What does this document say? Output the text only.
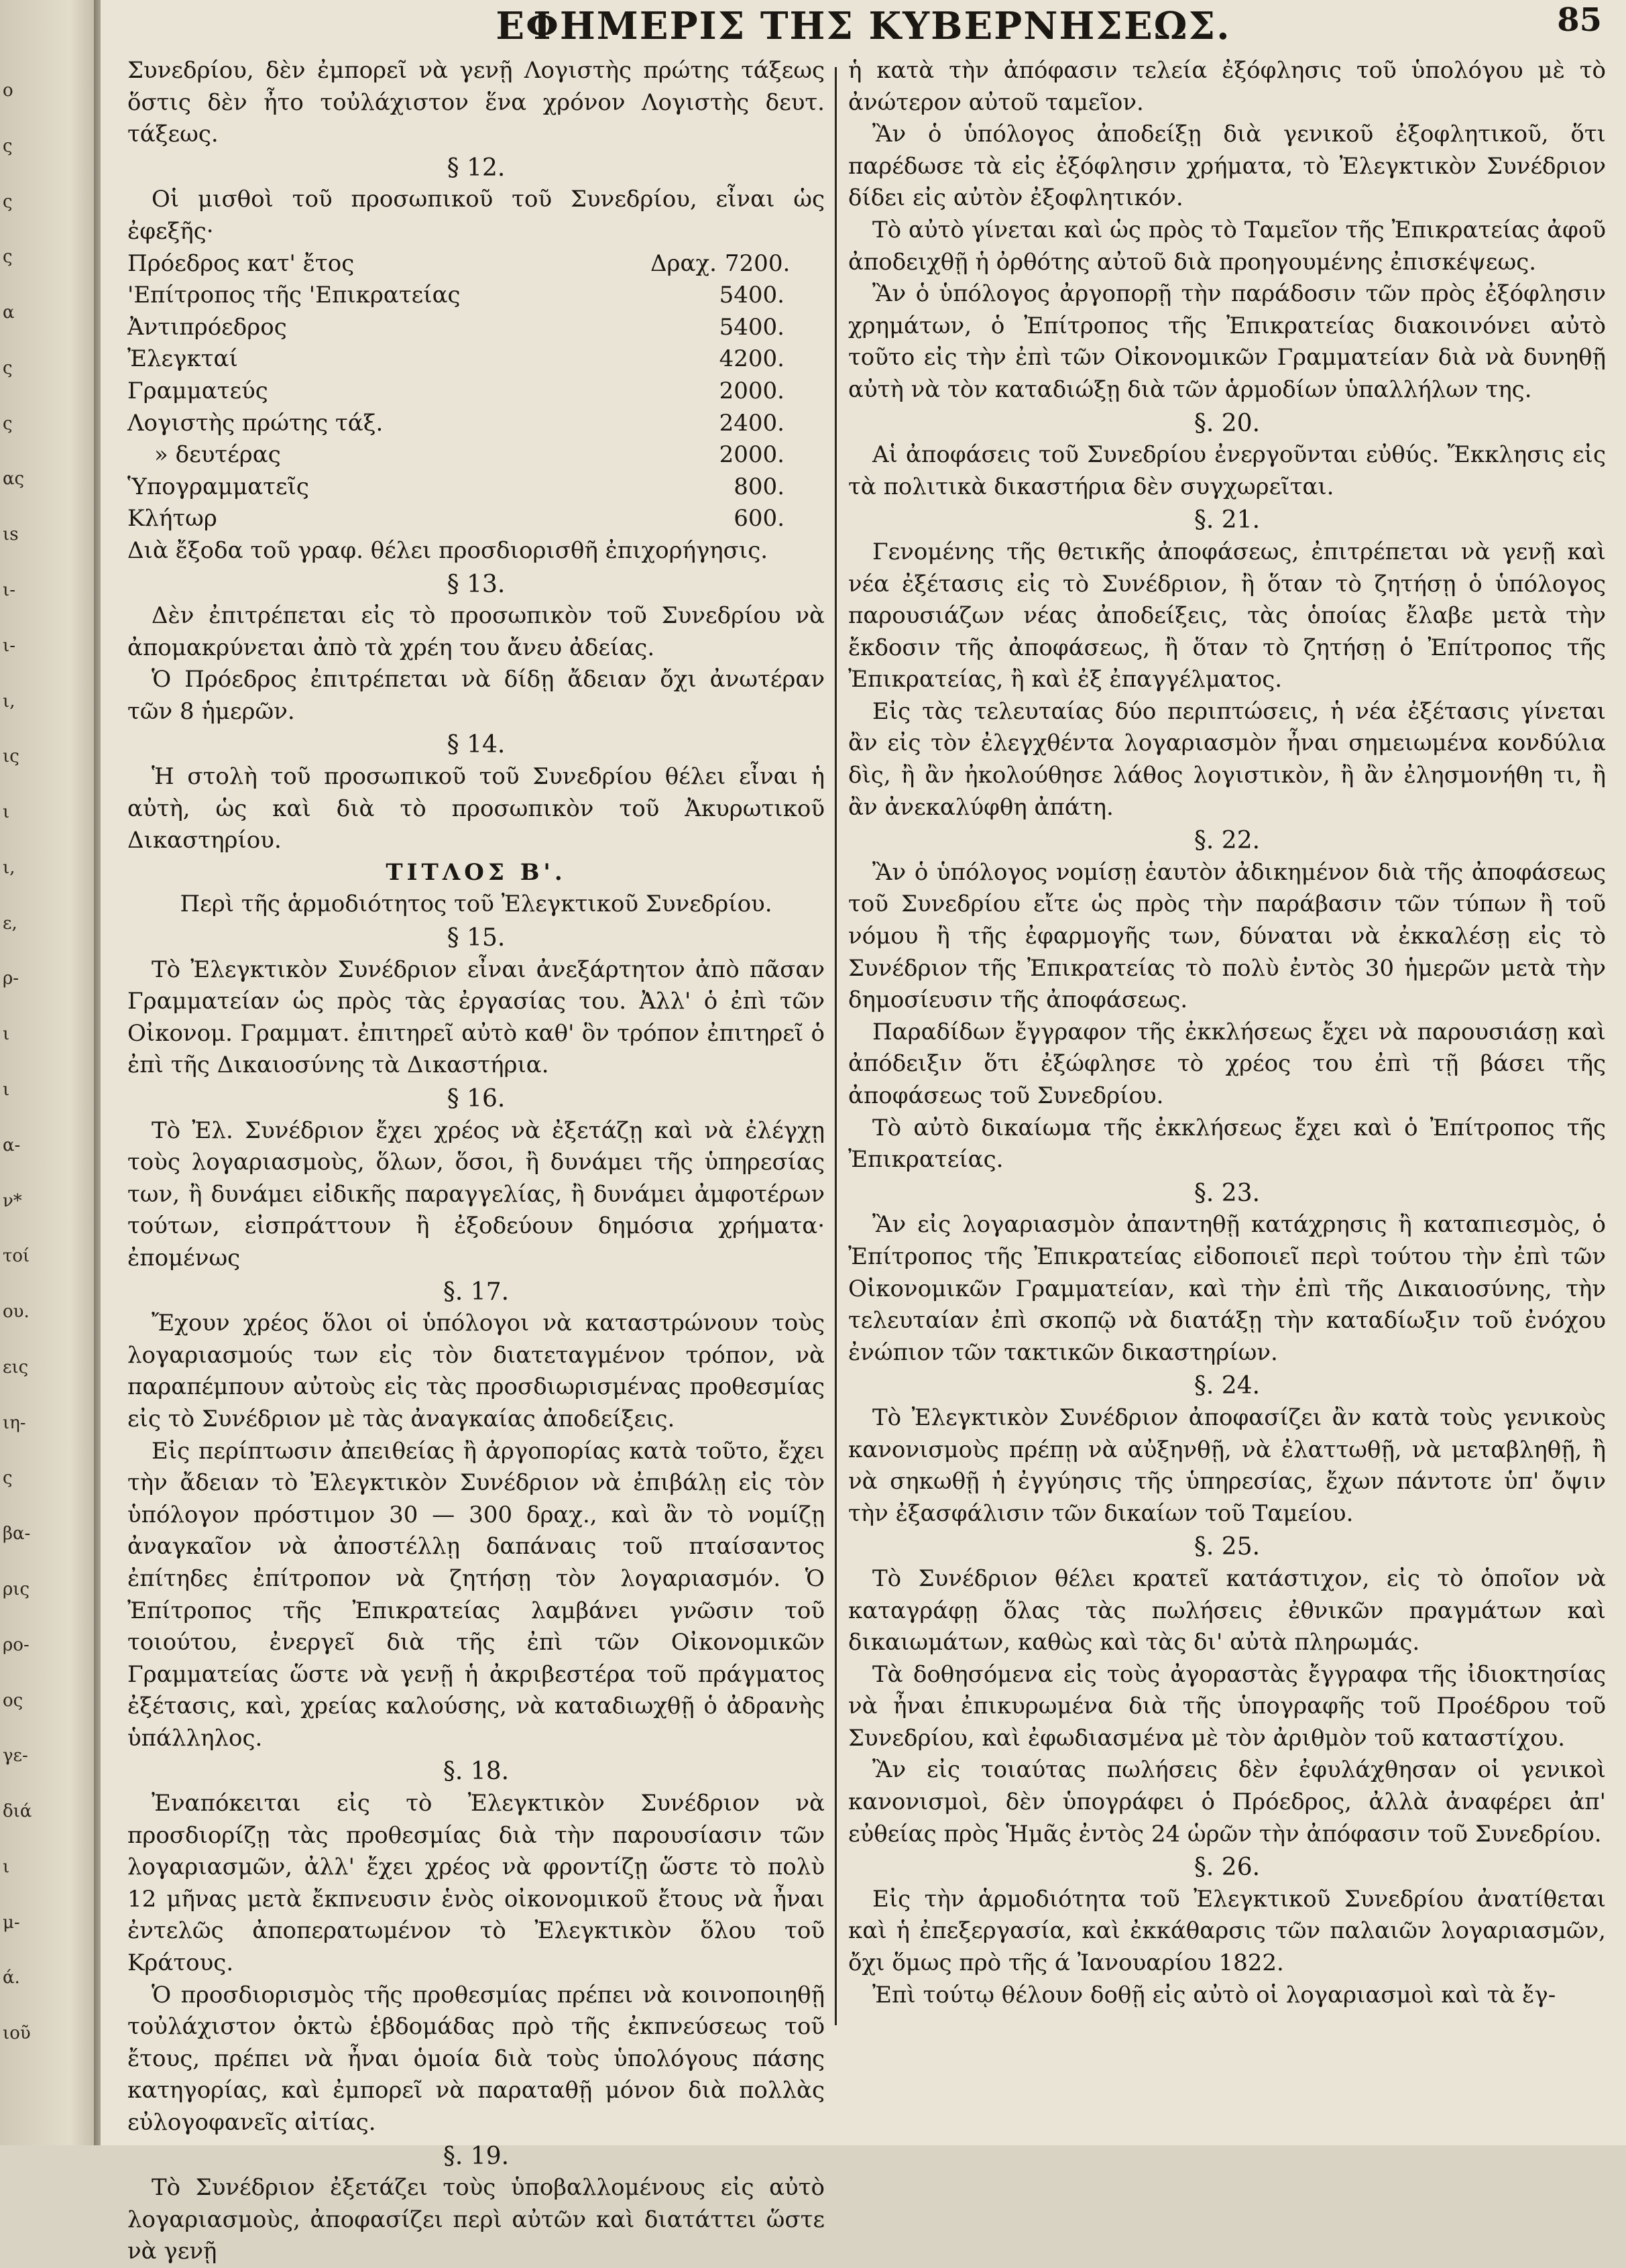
ο
ς
ς
ς
α
ς
ς
ας
ιs
ι-
ι-
ι,
ις
ι
ι,
ε,
ρ-
ι
ι
α-
ν*
τοί
ου.
εις
ιη-
ς
βα-
ρις
ρο-
ος
γε-
διά
ι
μ-
ά.
ιοῦ
ΕΦΗΜΕΡΙΣ ΤΗΣ ΚΥΒΕΡΝΗΣΕΩΣ.	85

Συνεδρίου, δὲν ἐμπορεῖ νὰ γενῇ Λογιστὴς πρώτης τάξεως ὅστις δὲν ἦτο τοὐλάχιστον ἕνα χρόνον Λογιστὴς δευτ. τάξεως.

§ 12.

Οἱ μισθοὶ τοῦ προσωπικοῦ τοῦ Συνεδρίου, εἶναι ὡς ἐφεξῆς·

Πρόεδρος κατ' ἔτος	Δραχ. 7200.
'Επίτροπος τῆς 'Επικρατείας	5400.
Ἀντιπρόεδρος	5400.
Ἐλεγκταί	4200.
Γραμματεύς	2000.
Λογιστὴς πρώτης τάξ.	2400.
» δευτέρας	2000.
Ὑπογραμματεῖς	800.
Κλήτωρ	600.

Διὰ ἔξοδα τοῦ γραφ. θέλει προσδιορισθῆ ἐπιχορήγησις.

§ 13.

Δὲν ἐπιτρέπεται εἰς τὸ προσωπικὸν τοῦ Συνεδρίου νὰ ἀπομακρύνεται ἀπὸ τὰ χρέη του ἄνευ ἀδείας.

Ὁ Πρόεδρος ἐπιτρέπεται νὰ δίδῃ ἄδειαν ὄχι ἀνωτέραν τῶν 8 ἡμερῶν.

§ 14.

Ἡ στολὴ τοῦ προσωπικοῦ τοῦ Συνεδρίου θέλει εἶναι ἡ αὐτὴ, ὡς καὶ διὰ τὸ προσωπικὸν τοῦ Ἀκυρωτικοῦ Δικαστηρίου.

ΤΙΤΛΟΣ Β'.
Περὶ τῆς ἁρμοδιότητος τοῦ Ἐλεγκτικοῦ Συνεδρίου.
§ 15.

Τὸ Ἐλεγκτικὸν Συνέδριον εἶναι ἀνεξάρτητον ἀπὸ πᾶσαν Γραμματείαν ὡς πρὸς τὰς ἐργασίας του. Ἀλλ' ὁ ἐπὶ τῶν Οἰκονομ. Γραμματ. ἐπιτηρεῖ αὐτὸ καθ' ὃν τρόπον ἐπιτηρεῖ ὁ ἐπὶ τῆς Δικαιοσύνης τὰ Δικαστήρια.

§ 16.

Τὸ Ἐλ. Συνέδριον ἔχει χρέος νὰ ἐξετάζῃ καὶ νὰ ἐλέγχῃ τοὺς λογαριασμοὺς, ὅλων, ὅσοι, ἢ δυνάμει τῆς ὑπηρεσίας των, ἢ δυνάμει εἰδικῆς παραγγελίας, ἢ δυνάμει ἀμφοτέρων τούτων, εἰσπράττουν ἢ ἐξοδεύουν δημόσια χρήματα· ἐπομένως

§. 17.

Ἔχουν χρέος ὅλοι οἱ ὑπόλογοι νὰ καταστρώνουν τοὺς λογαριασμούς των εἰς τὸν διατεταγμένον τρόπον, νὰ παραπέμπουν αὐτοὺς εἰς τὰς προσδιωρισμένας προθεσμίας εἰς τὸ Συνέδριον μὲ τὰς ἀναγκαίας ἀποδείξεις.

Εἰς περίπτωσιν ἀπειθείας ἢ ἀργοπορίας κατὰ τοῦτο, ἔχει τὴν ἄδειαν τὸ Ἐλεγκτικὸν Συνέδριον νὰ ἐπιβάλῃ εἰς τὸν ὑπόλογον πρόστιμον 30 — 300 δραχ., καὶ ἂν τὸ νομίζῃ ἀναγκαῖον νὰ ἀποστέλλῃ δαπάναις τοῦ πταίσαντος ἐπίτηδες ἐπίτροπον νὰ ζητήσῃ τὸν λογαριασμόν. Ὁ Ἐπίτροπος τῆς Ἐπικρατείας λαμβάνει γνῶσιν τοῦ τοιούτου, ἐνεργεῖ διὰ τῆς ἐπὶ τῶν Οἰκονομικῶν Γραμματείας ὥστε νὰ γενῇ ἡ ἀκριβεστέρα τοῦ πράγματος ἐξέτασις, καὶ, χρείας καλούσης, νὰ καταδιωχθῇ ὁ ἀδρανὴς ὑπάλληλος.

§. 18.

Ἐναπόκειται εἰς τὸ Ἐλεγκτικὸν Συνέδριον νὰ προσδιορίζῃ τὰς προθεσμίας διὰ τὴν παρουσίασιν τῶν λογαριασμῶν, ἀλλ' ἔχει χρέος νὰ φροντίζῃ ὥστε τὸ πολὺ 12 μῆνας μετὰ ἔκπνευσιν ἑνὸς οἰκονομικοῦ ἔτους νὰ ἦναι ἐντελῶς ἀποπερατωμένον τὸ Ἐλεγκτικὸν ὅλου τοῦ Κράτους.

Ὁ προσδιορισμὸς τῆς προθεσμίας πρέπει νὰ κοινοποιηθῇ τοὐλάχιστον ὀκτὼ ἑβδομάδας πρὸ τῆς ἐκπνεύσεως τοῦ ἔτους, πρέπει νὰ ἦναι ὁμοία διὰ τοὺς ὑπολόγους πάσης κατηγορίας, καὶ ἐμπορεῖ νὰ παραταθῇ μόνον διὰ πολλὰς εὐλογοφανεῖς αἰτίας.

§. 19.

Τὸ Συνέδριον ἐξετάζει τοὺς ὑποβαλλομένους εἰς αὐτὸ λογαριασμοὺς, ἀποφασίζει περὶ αὐτῶν καὶ διατάττει ὥστε νὰ γενῇ

ἡ κατὰ τὴν ἀπόφασιν τελεία ἐξόφλησις τοῦ ὑπολόγου μὲ τὸ ἀνώτερον αὐτοῦ ταμεῖον.

Ἂν ὁ ὑπόλογος ἀποδείξῃ διὰ γενικοῦ ἐξοφλητικοῦ, ὅτι παρέδωσε τὰ εἰς ἐξόφλησιν χρήματα, τὸ Ἐλεγκτικὸν Συνέδριον δίδει εἰς αὐτὸν ἐξοφλητικόν.

Τὸ αὐτὸ γίνεται καὶ ὡς πρὸς τὸ Ταμεῖον τῆς Ἐπικρατείας ἀφοῦ ἀποδειχθῇ ἡ ὀρθότης αὐτοῦ διὰ προηγουμένης ἐπισκέψεως.

Ἂν ὁ ὑπόλογος ἀργοπορῇ τὴν παράδοσιν τῶν πρὸς ἐξόφλησιν χρημάτων, ὁ Ἐπίτροπος τῆς Ἐπικρατείας διακοινόνει αὐτὸ τοῦτο εἰς τὴν ἐπὶ τῶν Οἰκονομικῶν Γραμματείαν διὰ νὰ δυνηθῇ αὐτὴ νὰ τὸν καταδιώξῃ διὰ τῶν ἁρμοδίων ὑπαλλήλων της.

§. 20.

Αἱ ἀποφάσεις τοῦ Συνεδρίου ἐνεργοῦνται εὐθύς. Ἔκκλησις εἰς τὰ πολιτικὰ δικαστήρια δὲν συγχωρεῖται.

§. 21.

Γενομένης τῆς θετικῆς ἀποφάσεως, ἐπιτρέπεται νὰ γενῇ καὶ νέα ἐξέτασις εἰς τὸ Συνέδριον, ἢ ὅταν τὸ ζητήσῃ ὁ ὑπόλογος παρουσιάζων νέας ἀποδείξεις, τὰς ὁποίας ἔλαβε μετὰ τὴν ἔκδοσιν τῆς ἀποφάσεως, ἢ ὅταν τὸ ζητήσῃ ὁ Ἐπίτροπος τῆς Ἐπικρατείας, ἢ καὶ ἐξ ἐπαγγέλματος.

Εἰς τὰς τελευταίας δύο περιπτώσεις, ἡ νέα ἐξέτασις γίνεται ἂν εἰς τὸν ἐλεγχθέντα λογαριασμὸν ἦναι σημειωμένα κονδύλια δὶς, ἢ ἂν ἠκολούθησε λάθος λογιστικὸν, ἢ ἂν ἐλησμονήθη τι, ἢ ἂν ἀνεκαλύφθη ἀπάτη.

§. 22.

Ἂν ὁ ὑπόλογος νομίσῃ ἑαυτὸν ἀδικημένον διὰ τῆς ἀποφάσεως τοῦ Συνεδρίου εἴτε ὡς πρὸς τὴν παράβασιν τῶν τύπων ἢ τοῦ νόμου ἢ τῆς ἐφαρμογῆς των, δύναται νὰ ἐκκαλέσῃ εἰς τὸ Συνέδριον τῆς Ἐπικρατείας τὸ πολὺ ἐντὸς 30 ἡμερῶν μετὰ τὴν δημοσίευσιν τῆς ἀποφάσεως.

Παραδίδων ἔγγραφον τῆς ἐκκλήσεως ἔχει νὰ παρουσιάσῃ καὶ ἀπόδειξιν ὅτι ἐξώφλησε τὸ χρέος του ἐπὶ τῇ βάσει τῆς ἀποφάσεως τοῦ Συνεδρίου.

Τὸ αὐτὸ δικαίωμα τῆς ἐκκλήσεως ἔχει καὶ ὁ Ἐπίτροπος τῆς Ἐπικρατείας.

§. 23.

Ἂν εἰς λογαριασμὸν ἀπαντηθῇ κατάχρησις ἢ καταπιεσμὸς, ὁ Ἐπίτροπος τῆς Ἐπικρατείας εἰδοποιεῖ περὶ τούτου τὴν ἐπὶ τῶν Οἰκονομικῶν Γραμματείαν, καὶ τὴν ἐπὶ τῆς Δικαιοσύνης, τὴν τελευταίαν ἐπὶ σκοπῷ νὰ διατάξῃ τὴν καταδίωξιν τοῦ ἐνόχου ἐνώπιον τῶν τακτικῶν δικαστηρίων.

§. 24.

Τὸ Ἐλεγκτικὸν Συνέδριον ἀποφασίζει ἂν κατὰ τοὺς γενικοὺς κανονισμοὺς πρέπῃ νὰ αὐξηνθῇ, νὰ ἐλαττωθῇ, νὰ μεταβληθῇ, ἢ νὰ σηκωθῇ ἡ ἐγγύησις τῆς ὑπηρεσίας, ἔχων πάντοτε ὑπ' ὄψιν τὴν ἐξασφάλισιν τῶν δικαίων τοῦ Ταμείου.

§. 25.

Τὸ Συνέδριον θέλει κρατεῖ κατάστιχον, εἰς τὸ ὁποῖον νὰ καταγράφῃ ὅλας τὰς πωλήσεις ἐθνικῶν πραγμάτων καὶ δικαιωμάτων, καθὼς καὶ τὰς δι' αὐτὰ πληρωμάς.

Τὰ δοθησόμενα εἰς τοὺς ἀγοραστὰς ἔγγραφα τῆς ἰδιοκτησίας νὰ ἦναι ἐπικυρωμένα διὰ τῆς ὑπογραφῆς τοῦ Προέδρου τοῦ Συνεδρίου, καὶ ἐφωδιασμένα μὲ τὸν ἀριθμὸν τοῦ καταστίχου.

Ἂν εἰς τοιαύτας πωλήσεις δὲν ἐφυλάχθησαν οἱ γενικοὶ κανονισμοὶ, δὲν ὑπογράφει ὁ Πρόεδρος, ἀλλὰ ἀναφέρει ἀπ' εὐθείας πρὸς Ἡμᾶς ἐντὸς 24 ὡρῶν τὴν ἀπόφασιν τοῦ Συνεδρίου.

§. 26.

Εἰς τὴν ἁρμοδιότητα τοῦ Ἐλεγκτικοῦ Συνεδρίου ἀνατίθεται καὶ ἡ ἐπεξεργασία, καὶ ἐκκάθαρσις τῶν παλαιῶν λογαριασμῶν, ὄχι ὅμως πρὸ τῆς ά Ἰανουαρίου 1822.

Ἐπὶ τούτῳ θέλουν δοθῇ εἰς αὐτὸ οἱ λογαριασμοὶ καὶ τὰ ἔγ-
